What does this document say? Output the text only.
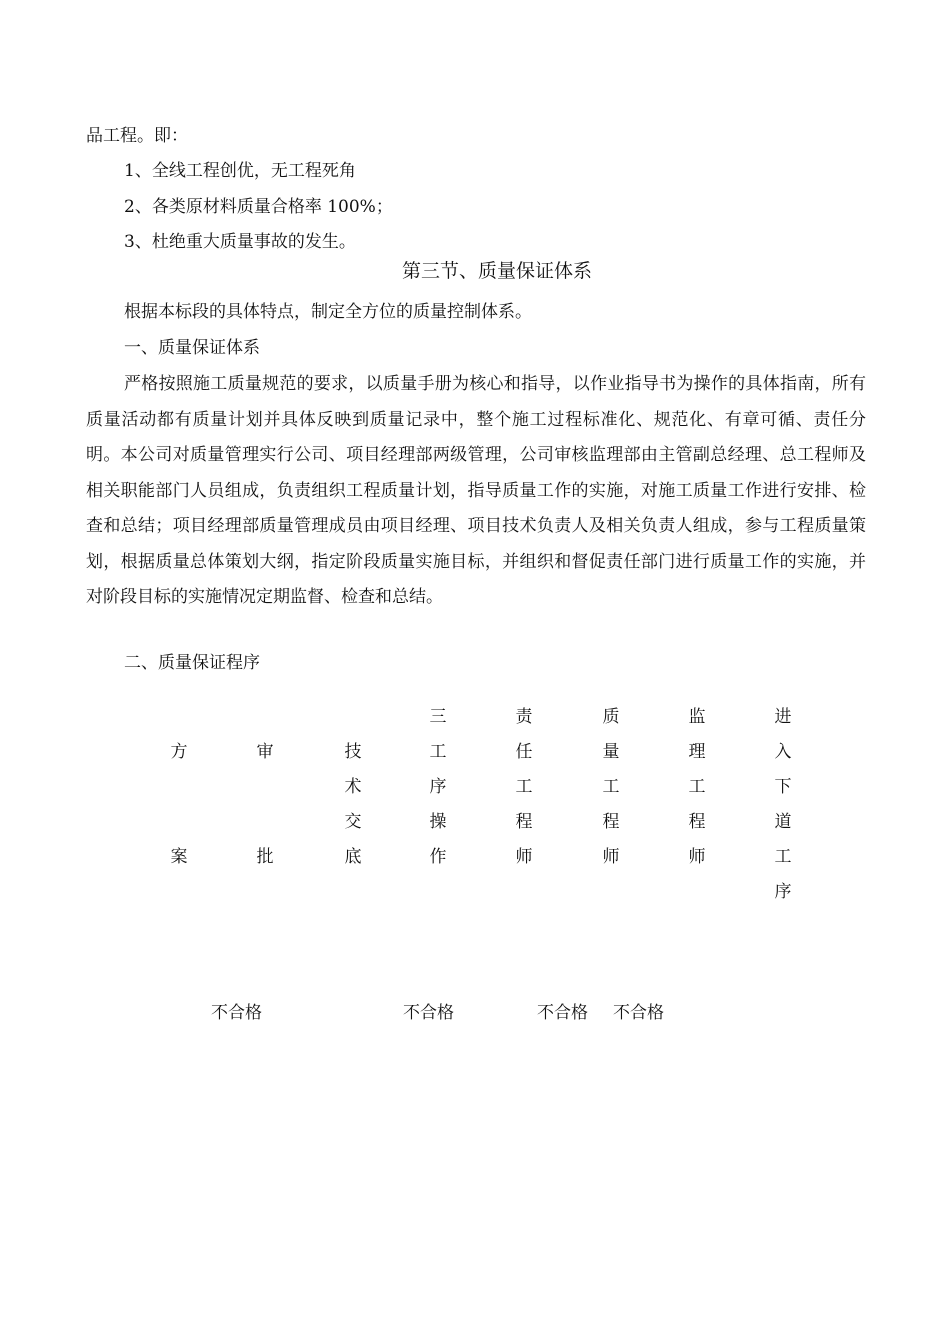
品工程。即：
1、全线工程创优，无工程死角
2、各类原材料质量合格率 100%；
3、杜绝重大质量事故的发生。
第三节、质量保证体系
根据本标段的具体特点，制定全方位的质量控制体系。
一、质量保证体系
严格按照施工质量规范的要求，以质量手册为核心和指导，以作业指导书为操作的具体指南，所有质量活动都有质量计划并具体反映到质量记录中，整个施工过程标准化、规范化、有章可循、责任分明。本公司对质量管理实行公司、项目经理部两级管理，公司审核监理部由主管副总经理、总工程师及相关职能部门人员组成，负责组织工程质量计划，指导质量工作的实施，对施工质量工作进行安排、检查和总结；项目经理部质量管理成员由项目经理、项目技术负责人及相关负责人组成，参与工程质量策划，根据质量总体策划大纲，指定阶段质量实施目标，并组织和督促责任部门进行质量工作的实施，并对阶段目标的实施情况定期监督、检查和总结。
二、质量保证程序
方
案
审
批
技
术
交
底
三
工
序
操
作
责
任
工
程
师
质
量
工
程
师
监
理
工
程
师
进
入
下
道
工
序
不合格	不合格	不合格 不合格
